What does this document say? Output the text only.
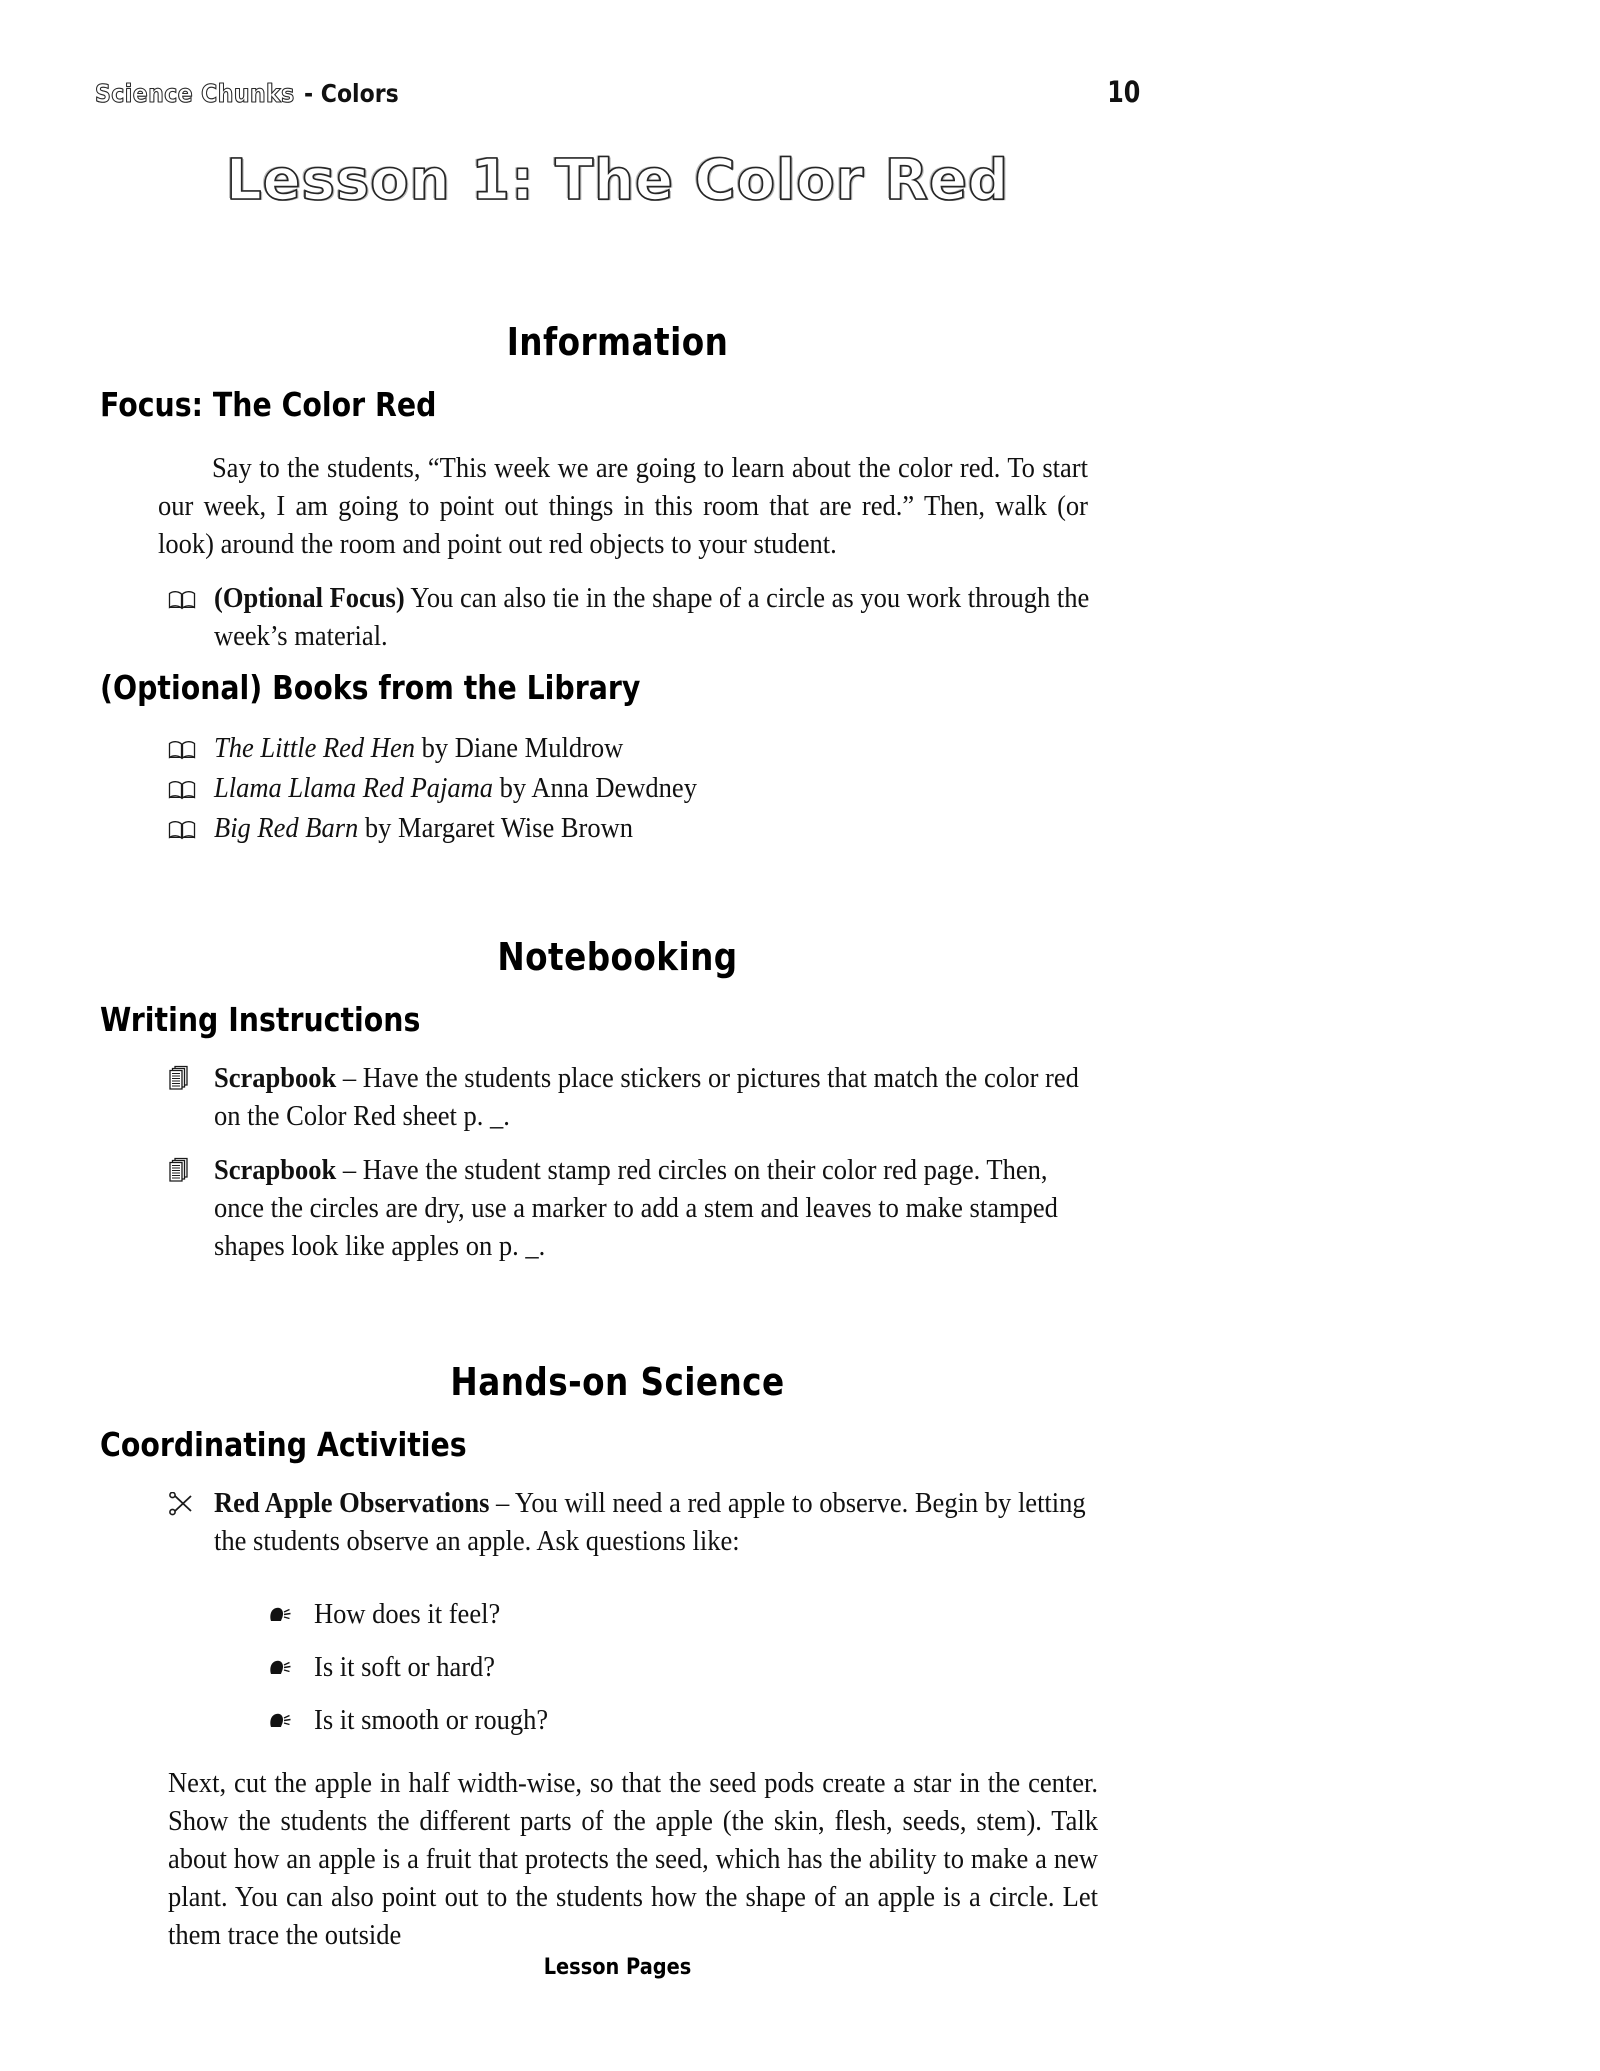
Science Chunks - Colors	10
Lesson 1: The Color Red
Information
Focus: The Color Red
Say to the students, “This week we are going to learn about the color red. To start our week, I am going to point out things in this room that are red.” Then, walk (or look) around the room and point out red objects to your student.
(Optional Focus) You can also tie in the shape of a circle as you work through the week’s material.
(Optional) Books from the Library
The Little Red Hen by Diane Muldrow
Llama Llama Red Pajama by Anna Dewdney
Big Red Barn by Margaret Wise Brown
Notebooking
Writing Instructions
Scrapbook – Have the students place stickers or pictures that match the color red on the Color Red sheet p. _.
Scrapbook – Have the student stamp red circles on their color red page. Then, once the circles are dry, use a marker to add a stem and leaves to make stamped shapes look like apples on p. _.
Hands-on Science
Coordinating Activities
Red Apple Observations – You will need a red apple to observe. Begin by letting the students observe an apple. Ask questions like:
How does it feel?
Is it soft or hard?
Is it smooth or rough?
Next, cut the apple in half width-wise, so that the seed pods create a star in the center. Show the students the different parts of the apple (the skin, flesh, seeds, stem). Talk about how an apple is a fruit that protects the seed, which has the ability to make a new plant. You can also point out to the students how the shape of an apple is a circle. Let them trace the outside
Lesson Pages
